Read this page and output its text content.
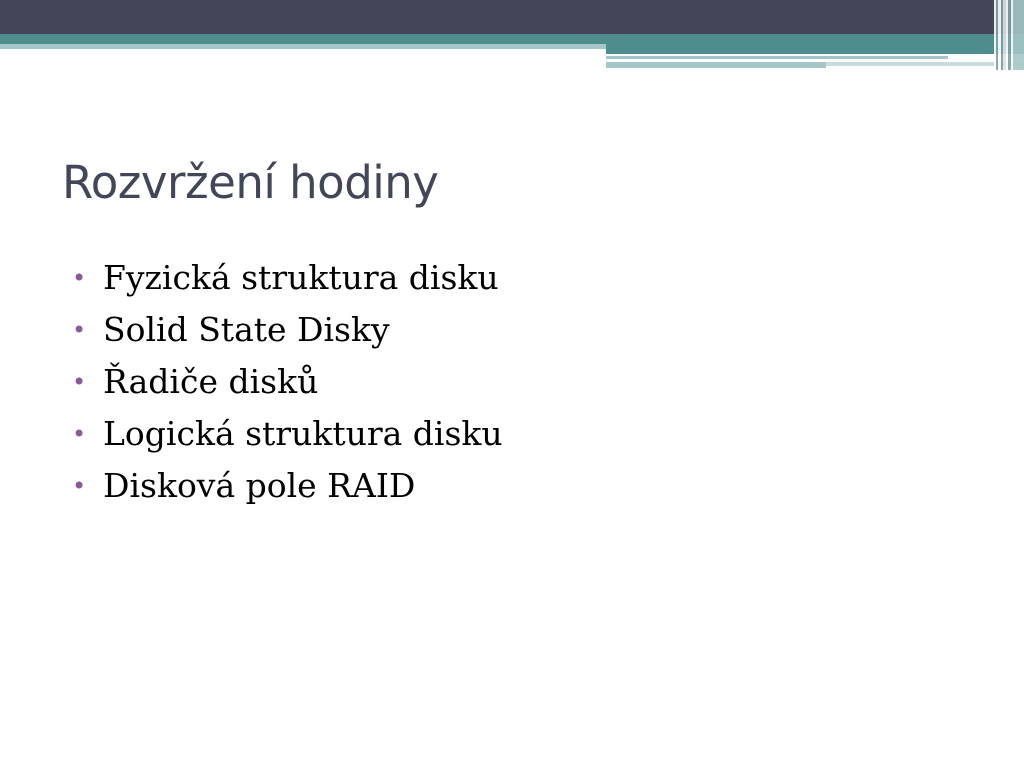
Rozvržení hodiny
• Fyzická struktura disku
• Solid State Disky
• Řadiče disků
• Logická struktura disku
• Disková pole RAID
